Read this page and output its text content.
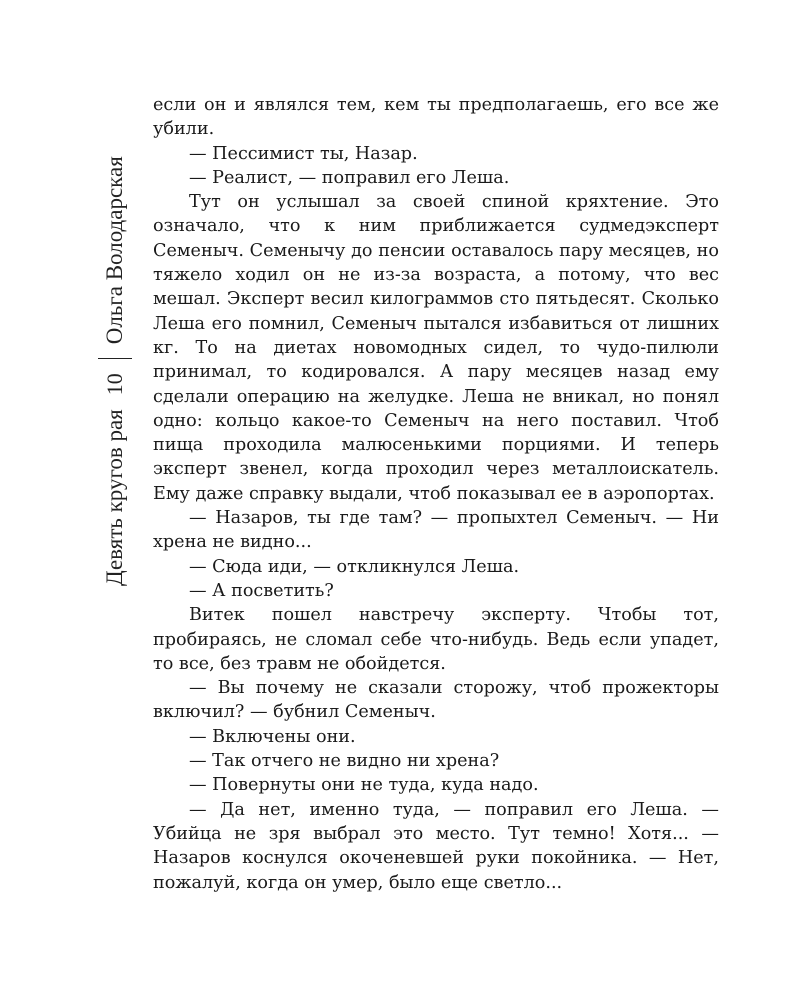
Девять кругов рая
10
Ольга Володарская

если он и являлся тем, кем ты предполагаешь, его все же убили.

— Пессимист ты, Назар.

— Реалист, — поправил его Леша.

Тут он услышал за своей спиной кряхтение. Это означало, что к ним приближается судмедэксперт Семеныч. Семенычу до пенсии оставалось пару месяцев, но тяжело ходил он не из-за возраста, а потому, что вес мешал. Эксперт весил килограммов сто пятьдесят. Сколько Леша его помнил, Семеныч пытался избавиться от лишних кг. То на диетах новомодных сидел, то чудо-пилюли принимал, то кодировался. А пару месяцев назад ему сделали операцию на желудке. Леша не вникал, но понял одно: кольцо какое-то Семеныч на него поставил. Чтоб пища проходила малюсенькими порциями. И теперь эксперт звенел, когда проходил через металлоискатель. Ему даже справку выдали, чтоб показывал ее в аэропортах.

— Назаров, ты где там? — пропыхтел Семеныч. — Ни хрена не видно...

— Сюда иди, — откликнулся Леша.

— А посветить?

Витек пошел навстречу эксперту. Чтобы тот, пробираясь, не сломал себе что-нибудь. Ведь если упадет, то все, без травм не обойдется.

— Вы почему не сказали сторожу, чтоб прожекторы включил? — бубнил Семеныч.

— Включены они.

— Так отчего не видно ни хрена?

— Повернуты они не туда, куда надо.

— Да нет, именно туда, — поправил его Леша. — Убийца не зря выбрал это место. Тут темно! Хотя... — Назаров коснулся окоченевшей руки покойника. — Нет, пожалуй, когда он умер, было еще светло...
